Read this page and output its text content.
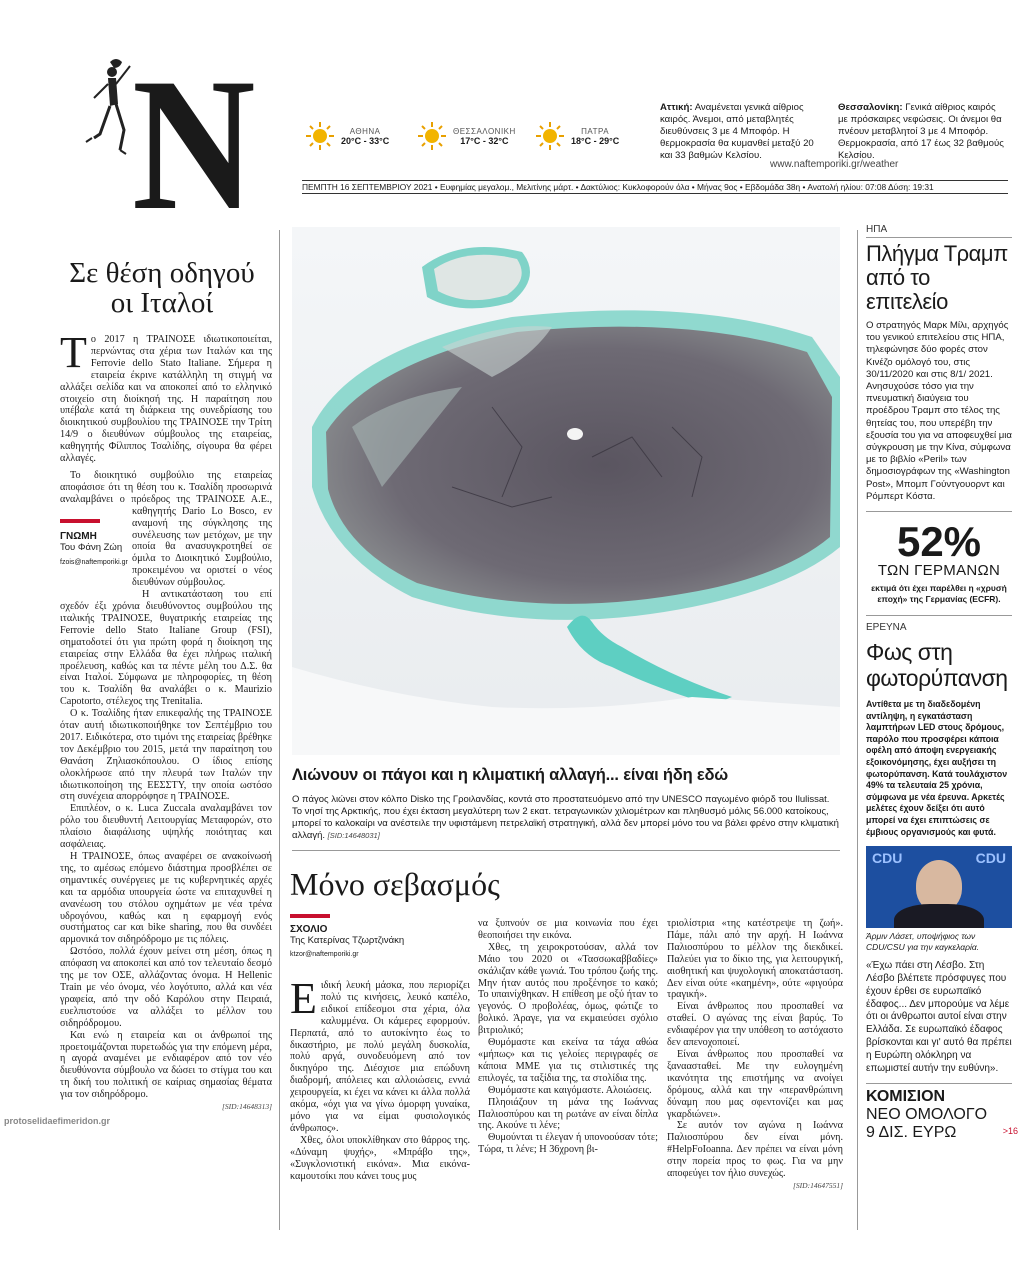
N	ΑΘΗΝΑ
20°C - 33°C
ΘΕΣΣΑΛΟΝΙΚΗ
17°C - 32°C
ΠΑΤΡΑ
18°C - 29°C
Αττική: Αναμένεται γενικά αίθριος καιρός. Άνεμοι, από μεταβλητές διευθύνσεις 3 με 4 Μποφόρ. Η θερμοκρασία θα κυμανθεί μεταξύ 20 και 33 βαθμών Κελσίου.
Θεσσαλονίκη: Γενικά αίθριος καιρός με πρόσκαιρες νεφώσεις. Οι άνεμοι θα πνέουν μεταβλητοί 3 με 4 Μποφόρ. Θερμοκρασία, από 17 έως 32 βαθμούς Κελσίου.
www.naftemporiki.gr/weather
ΠΕΜΠΤΗ 16 ΣΕΠΤΕΜΒΡΙΟΥ 2021 • Ευφημίας μεγαλομ., Μελιτίνης μάρτ. • Δακτύλιος: Κυκλοφορούν όλα • Μήνας 9ος • Εβδομάδα 38η • Ανατολή ηλίου: 07:08 Δύση: 19:31
Σε θέση οδηγού
οι Ιταλοί
Τ ο 2017 η ΤΡΑΙΝΟΣΕ ιδιωτικοποιείται, περνώντας στα χέρια των Ιταλών και της Ferrovie dello Stato Italiane. Σήμερα η εταιρεία έκρινε κατάλληλη τη στιγμή να αλλάξει σελίδα και να αποκοπεί από το ελληνικό στοιχείο στη διοίκησή της. Η παραίτηση που υπέβαλε κατά τη διάρκεια της συνεδρίασης του διοικητικού συμβουλίου της ΤΡΑΙΝΟΣΕ την Τρίτη 14/9 ο διευθύνων σύμβουλος της εταιρείας, καθηγητής Φίλιππος Τσαλίδης, σίγουρα θα φέρει αλλαγές.
ΓΝΩΜΗ
Του Φάνη Ζώη
fzois@naftemporiki.gr

Το διοικητικό συμβούλιο της εταιρείας αποφάσισε ότι τη θέση του κ. Τσαλίδη προσωρινά αναλαμβάνει ο πρόεδρος της ΤΡΑΙΝΟΣΕ Α.Ε., καθηγητής Dario Lo Bosco, εν αναμονή της σύγκλησης της συνέλευσης των μετόχων, με την οποία θα ανασυγκροτηθεί σε όμιλα το Διοικητικό Συμβούλιο, προκειμένου να οριστεί ο νέος διευθύνων σύμβουλος.

Η αντικατάσταση του επί σχεδόν έξι χρόνια διευθύνοντος συμβούλου της ιταλικής ΤΡΑΙΝΟΣΕ, θυγατρικής εταιρείας της Ferrovie dello Stato Italiane Group (FSI), σηματοδοτεί ότι για πρώτη φορά η διοίκηση της εταιρείας στην Ελλάδα θα έχει πλήρως ιταλική προέλευση, καθώς και τα πέντε μέλη του Δ.Σ. θα είναι Ιταλοί. Σύμφωνα με πληροφορίες, τη θέση του κ. Τσαλίδη θα αναλάβει ο κ. Maurizio Capotorto, στέλεχος της Trenitalia.

Ο κ. Τσαλίδης ήταν επικεφαλής της ΤΡΑΙΝΟΣΕ όταν αυτή ιδιωτικοποιήθηκε τον Σεπτέμβριο του 2017. Ειδικότερα, στο τιμόνι της εταιρείας βρέθηκε τον Δεκέμβριο του 2015, μετά την παραίτηση του Θανάση Ζηλιασκόπουλου. Ο ίδιος επίσης ολοκλήρωσε από την πλευρά των Ιταλών την ιδιωτικοποίηση της ΕΕΣΣΤΥ, την οποία ωστόσο στη συνέχεια απορρόφησε η ΤΡΑΙΝΟΣΕ.

Επιπλέον, ο κ. Luca Zuccala αναλαμβάνει τον ρόλο του διευθυντή Λειτουργίας Μεταφορών, στο πλαίσιο διαφάλισης υψηλής ποιότητας και ασφάλειας.

Η ΤΡΑΙΝΟΣΕ, όπως αναφέρει σε ανακοίνωσή της, το αμέσως επόμενο διάστημα προσβλέπει σε σημαντικές συνέργειες με τις κυβερνητικές αρχές και τα αρμόδια υπουργεία ώστε να επιταχυνθεί η ανανέωση του στόλου οχημάτων με νέα τρένα υδρογόνου, καθώς και η εφαρμογή ενός συστήματος car και bike sharing, που θα συνδέει αρμονικά τον σιδηρόδρομο με τις πόλεις.

Ωστόσο, πολλά έχουν μείνει στη μέση, όπως η απόφαση να αποκοπεί και από τον τελευταίο δεσμό της με τον ΟΣΕ, αλλάζοντας όνομα. Η Hellenic Train με νέο όνομα, νέο λογότυπο, αλλά και νέα γραφεία, από την οδό Καρόλου στην Πειραιά, ευελπιστούσε να αλλάξει το μέλλον του σιδηρόδρομου.

Και ενώ η εταιρεία και οι άνθρωποί της προετοιμάζονται πυρετωδώς για την επόμενη μέρα, η αγορά αναμένει με ενδιαφέρον από τον νέο διευθύνοντα σύμβουλο να δώσει το στίγμα του και τη δική του πολιτική σε καίριας σημασίας θέματα για τον σιδηρόδρομο.

[SID:14648313]
protoselidaefimeridon.gr
Λιώνουν οι πάγοι και η κλιματική αλλαγή... είναι ήδη εδώ
Ο πάγος λιώνει στον κόλπο Disko της Γροιλανδίας, κοντά στο προστατευόμενο από την UNESCO παγωμένο φιόρδ του Ilulissat. Το νησί της Αρκτικής, που έχει έκταση μεγαλύτερη των 2 εκατ. τετραγωνικών χιλιομέτρων και πληθυσμό μόλις 56.000 κατοίκους, μπορεί το καλοκαίρι να ανέστειλε την υφιστάμενη πετρελαϊκή στρατηγική, αλλά δεν μπορεί μόνο του να βάλει φρένο στην κλιματική αλλαγή. [SID:14648031]
Μόνο σεβασμός
ΣΧΟΛΙΟ
Της Κατερίνας Τζωρτζινάκη
ktzor@naftemporiki.gr
Ε ιδική λευκή μάσκα, που περιορίζει πολύ τις κινήσεις, λευκό καπέλο, ειδικοί επίδεσμοι στα χέρια, όλα καλυμμένα. Οι κάμερες εφορμούν. Περπατά, από το αυτοκίνητο έως το δικαστήριο, με πολύ μεγάλη δυσκολία, πολύ αργά, συνοδευόμενη από τον δικηγόρο της. Διέσχισε μια επώδυνη διαδρομή, απόλειες και αλλοιώσεις, εννιά χειρουργεία, κι έχει να κάνει κι άλλα πολλά ακόμα, «όχι για να γίνω όμορφη γυναίκα, μόνο για να είμαι φυσιολογικός άνθρωπος».

Χθες, όλοι υποκλίθηκαν στο θάρρος της. «Δύναμη ψυχής», «Μπράβο της», «Συγκλονιστική εικόνα». Μια εικόνα-καμουτσίκι που κάνει τους μυς

να ξυπνούν σε μια κοινωνία που έχει θεοποιήσει την εικόνα.

Χθες, τη χειροκροτούσαν, αλλά τον Μάιο του 2020 οι «Τασσωκαββαδίες» σκάλιζαν κάθε γωνιά. Του τρόπου ζωής της. Μην ήταν αυτός που προξένησε το κακό; Το υπαινίχθηκαν. Η επίθεση με οξύ ήταν το γεγονός. Ο προβολέας, όμως, φώτιζε το βολικό. Άραγε, για να εκμαιεύσει σχόλιο βιτριολικό;

Θυμόμαστε και εκείνα τα τάχα αθώα «μήπως» και τις γελοίες περιγραφές σε κάποια ΜΜΕ για τις στιλιστικές της επιλογές, τα ταξίδια της, τα στολίδια της.

Θυμόμαστε και καιγόμαστε. Αλοιώσεις.

Πληοιάζουν τη μάνα της Ιωάννας Παλιοσπύρου και τη ρωτάνε αν είναι δίπλα της. Ακούνε τι λένε;

Θυμούνται τι έλεγαν ή υπονοούσαν τότε; Τώρα, τι λένε; Η 36χρονη βι-

τριολίστρια «της κατέστρεψε τη ζωή». Πάμε, πάλι από την αρχή. Η Ιωάννα Παλιοσπύρου το μέλλον της διεκδικεί. Παλεύει για το δίκιο της, για λειτουργική, αισθητική και ψυχολογική αποκατάσταση. Δεν είναι ούτε «καημένη», ούτε «φιγούρα τραγική».

Είναι άνθρωπος που προσπαθεί να σταθεί. Ο αγώνας της είναι βαρύς. Το ενδιαφέρον για την υπόθεση το αστόχαστο δεν απενοχοποιεί.

Είναι άνθρωπος που προσπαθεί να ξαναασταθεί. Με την ευλογημένη ικανότητα της επιστήμης να ανοίγει δρόμους, αλλά και την «περανθρώπινη δύναμη που μας σφεντονίζει και μας γκαρδιώνει».

Σε αυτόν τον αγώνα η Ιωάννα Παλιοσπύρου δεν είναι μόνη. #HelpFoIoanna. Δεν πρέπει να είναι μόνη στην πορεία προς το φως. Για να μην αποφεύγει τον ήλιο συνεχώς.

[SID:14647551]
ΗΠΑ
Πλήγμα Τραμπ
από το επιτελείο
Ο στρατηγός Μαρκ Μίλι, αρχηγός του γενικού επιτελείου στις ΗΠΑ, τηλεφώνησε δύο φορές στον Κινέζο ομόλογό του, στις 30/11/2020 και στις 8/1/ 2021. Ανησυχούσε τόσο για την πνευματική διαύγεια του προέδρου Τραμπ στο τέλος της θητείας του, που υπερέβη την εξουσία του για να αποφευχθεί μια σύγκρουση με την Κίνα, σύμφωνα με το βιβλίο «Peril» των δημοσιογράφων της «Washington Post», Μπομπ Γούντγουορντ και Ρόμπερτ Κόστα.
52%
ΤΩΝ ΓΕΡΜΑΝΩΝ
εκτιμά ότι έχει παρέλθει η «χρυσή εποχή» της Γερμανίας (ECFR).
ΕΡΕΥΝΑ
Φως στη
φωτορύπανση
Αντίθετα με τη διαδεδομένη αντίληψη, η εγκατάσταση λαμπτήρων LED στους δρόμους, παρόλο που προσφέρει κάποια οφέλη από άποψη ενεργειακής εξοικονόμησης, έχει αυξήσει τη φωτορύπανση. Κατά τουλάχιστον 49% τα τελευταία 25 χρόνια, σύμφωνα με νέα έρευνα. Αρκετές μελέτες έχουν δείξει ότι αυτό μπορεί να έχει επιπτώσεις σε έμβιους οργανισμούς και φυτά.
CDU	CDU
Άρμιν Λάσετ, υποψήφιος των CDU/CSU για την καγκελαρία.
«Έχω πάει στη Λέσβο. Στη Λέσβο βλέπετε πρόσφυγες που έχουν έρθει σε ευρωπαϊκό έδαφος... Δεν μπορούμε να λέμε ότι οι άνθρωποι αυτοί είναι στην Ελλάδα. Σε ευρωπαϊκό έδαφος βρίσκονται και γι' αυτό θα πρέπει η Ευρώπη ολόκληρη να επωμιστεί αυτήν την ευθύνη».
ΚΟΜΙΣΙΟΝ
ΝΕΟ ΟΜΟΛΟΓΟ
9 ΔΙΣ. ΕΥΡΩ	>16
